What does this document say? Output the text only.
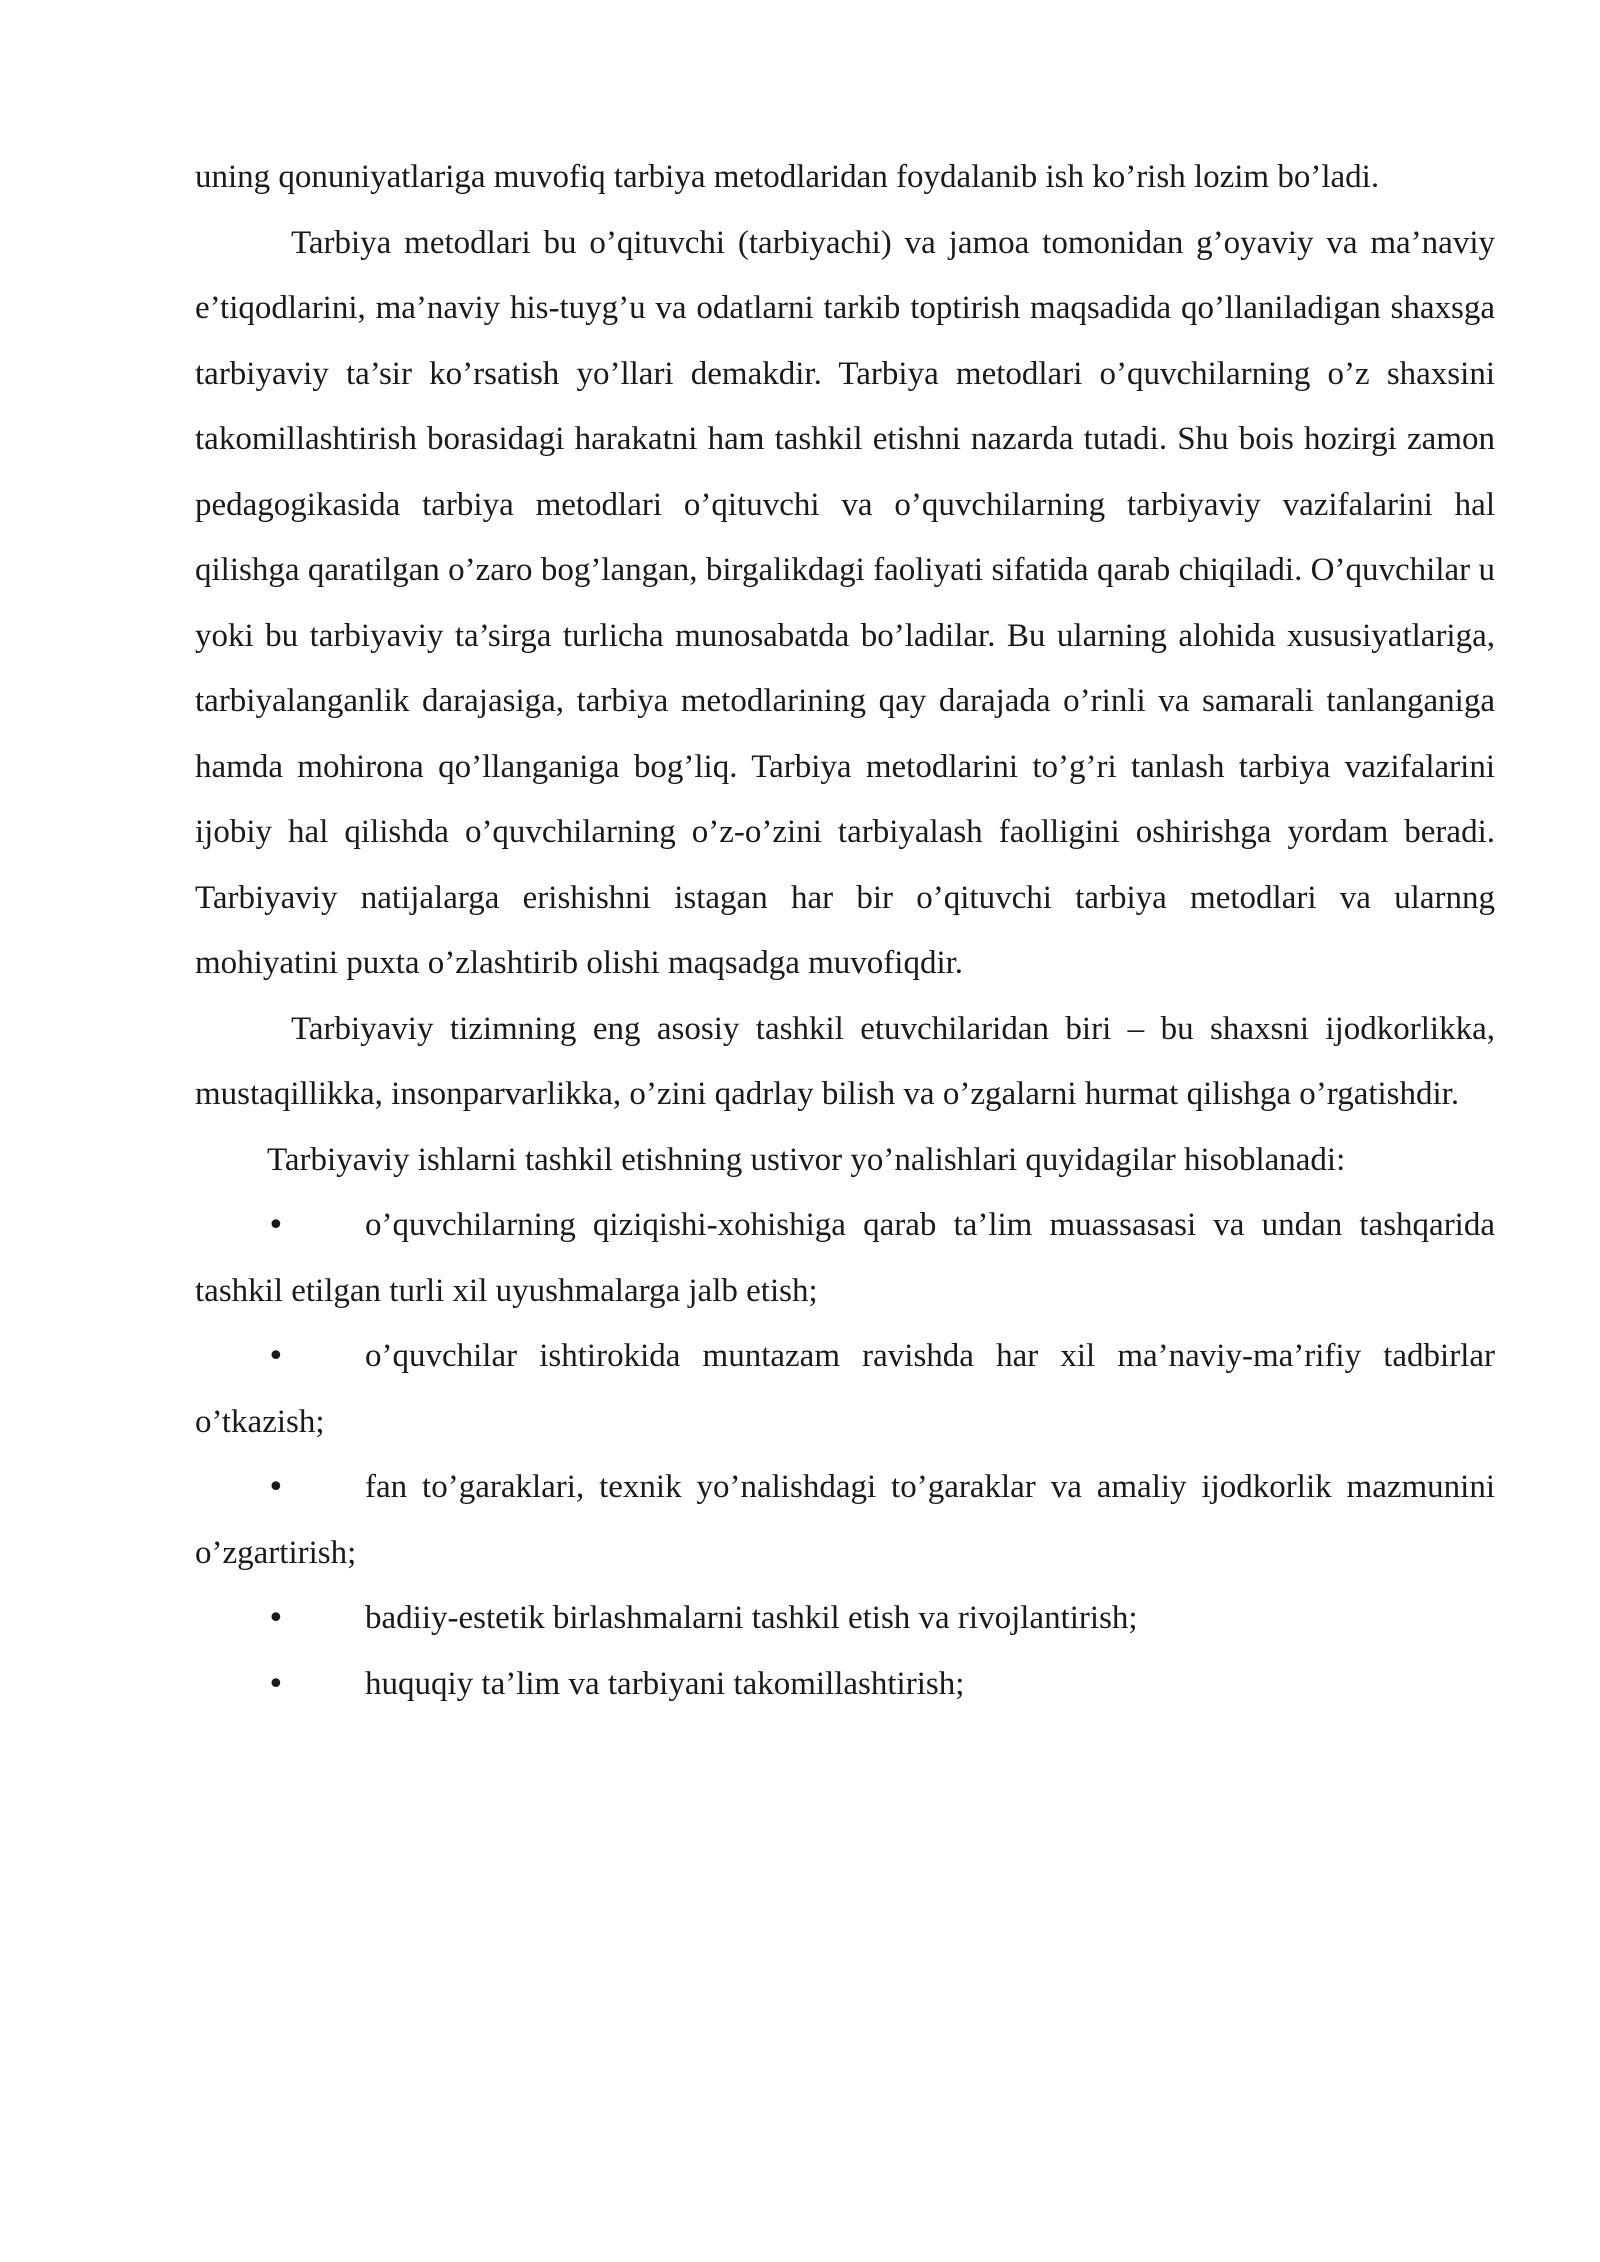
uning qonuniyatlariga muvofiq tarbiya metodlaridan foydalanib ish ko’rish lozim bo’ladi.

Tarbiya metodlari bu o’qituvchi (tarbiyachi) va jamoa tomonidan g’oyaviy va ma’naviy e’tiqodlarini, ma’naviy his-tuyg’u va odatlarni tarkib toptirish maqsadida qo’llaniladigan shaxsga tarbiyaviy ta’sir ko’rsatish yo’llari demakdir. Tarbiya metodlari o’quvchilarning o’z shaxsini takomillashtirish borasidagi harakatni ham tashkil etishni nazarda tutadi. Shu bois hozirgi zamon pedagogikasida tarbiya metodlari o’qituvchi va o’quvchilarning tarbiyaviy vazifalarini hal qilishga qaratilgan o’zaro bog’langan, birgalikdagi faoliyati sifatida qarab chiqiladi. O’quvchilar u yoki bu tarbiyaviy ta’sirga turlicha munosabatda bo’ladilar. Bu ularning alohida xususiyatlariga, tarbiyalanganlik darajasiga, tarbiya metodlarining qay darajada o’rinli va samarali tanlanganiga hamda mohirona qo’llanganiga bog’liq. Tarbiya metodlarini to’g’ri tanlash tarbiya vazifalarini ijobiy hal qilishda o’quvchilarning o’z-o’zini tarbiyalash faolligini oshirishga yordam beradi. Tarbiyaviy natijalarga erishishni istagan har bir o’qituvchi tarbiya metodlari va ularnng mohiyatini puxta o’zlashtirib olishi maqsadga muvofiqdir.

Tarbiyaviy tizimning eng asosiy tashkil etuvchilaridan biri – bu shaxsni ijodkorlikka, mustaqillikka, insonparvarlikka, o’zini qadrlay bilish va o’zgalarni hurmat qilishga o’rgatishdir.

Tarbiyaviy ishlarni tashkil etishning ustivor yo’nalishlari quyidagilar hisoblanadi:

• o’quvchilarning qiziqishi-xohishiga qarab ta’lim muassasasi va undan tashqarida tashkil etilgan turli xil uyushmalarga jalb etish;

• o’quvchilar ishtirokida muntazam ravishda har xil ma’naviy-ma’rifiy tadbirlar o’tkazish;

• fan to’garaklari, texnik yo’nalishdagi to’garaklar va amaliy ijodkorlik mazmunini o’zgartirish;

• badiiy-estetik birlashmalarni tashkil etish va rivojlantirish;

• huquqiy ta’lim va tarbiyani takomillashtirish;
